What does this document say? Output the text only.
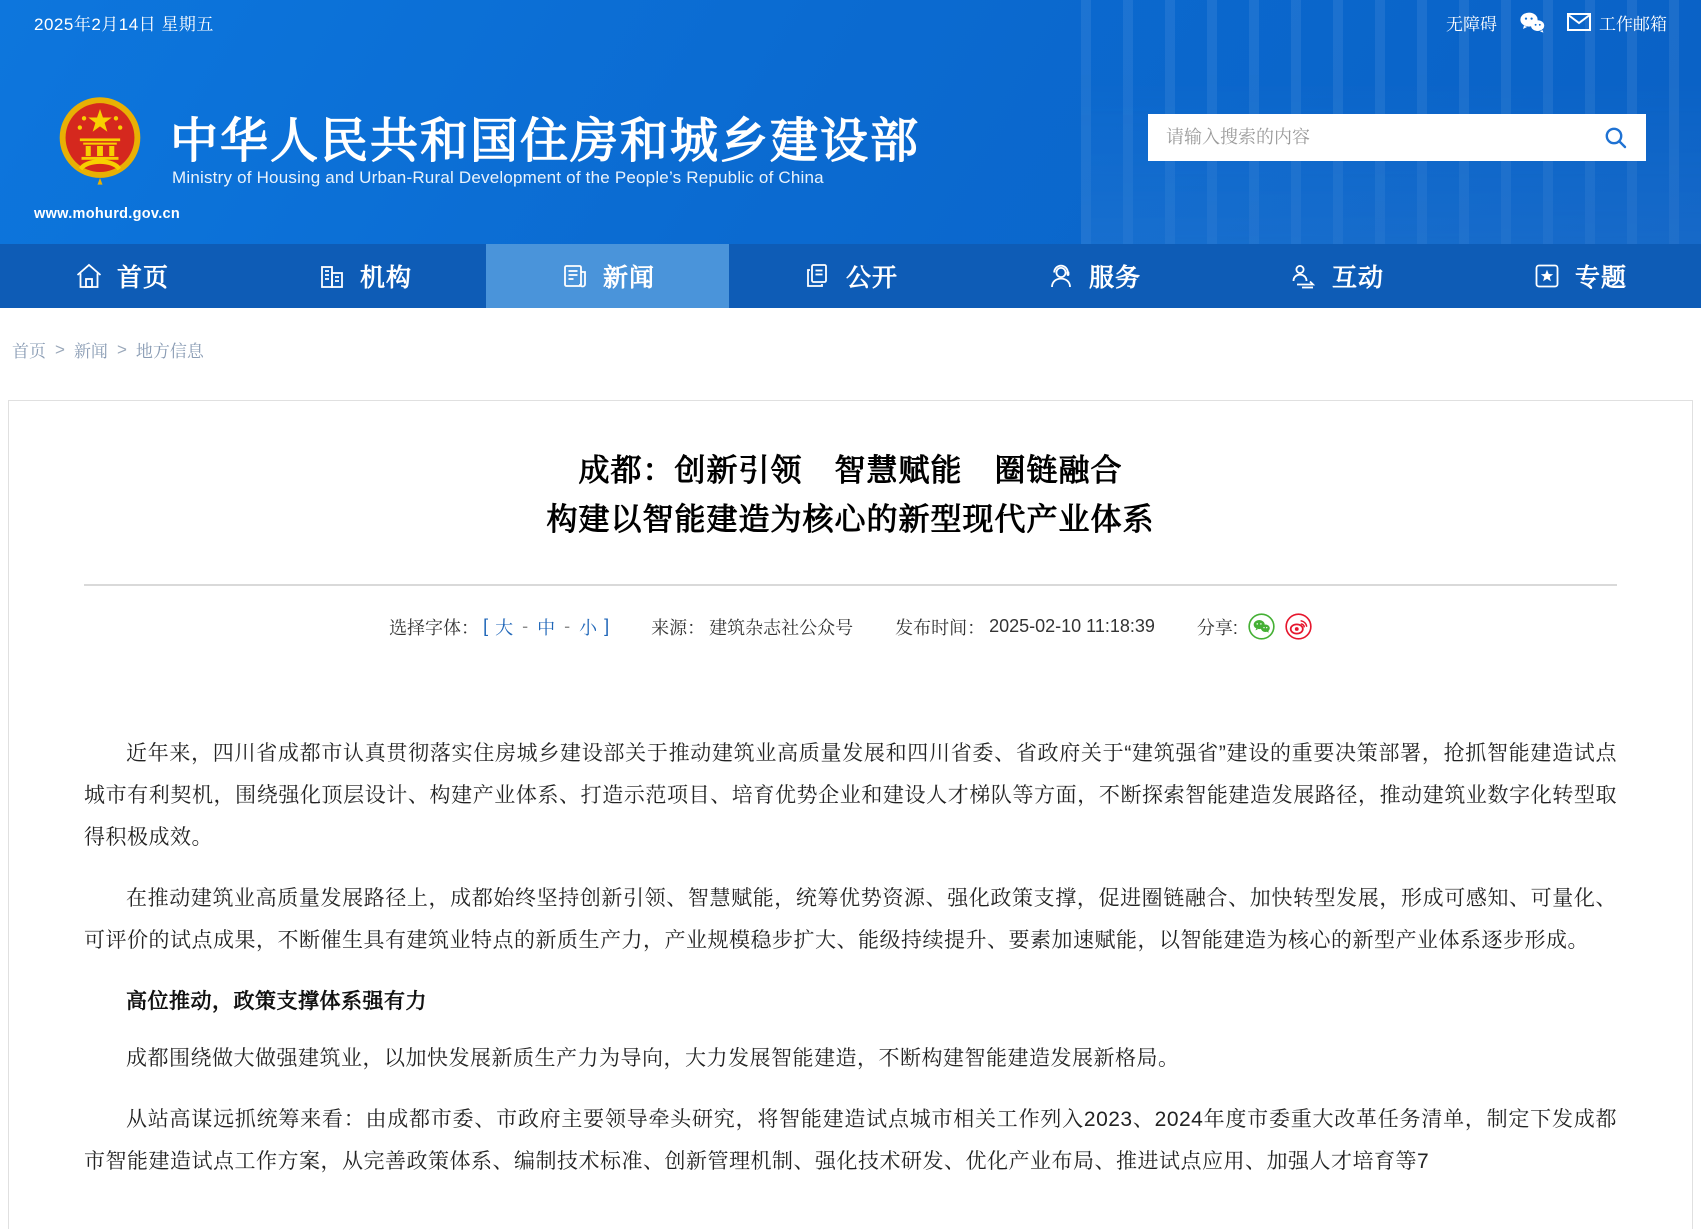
2025年2月14日 星期五	无障碍	工作邮箱
www.mohurd.gov.cn
中华人民共和国住房和城乡建设部
Ministry of Housing and Urban-Rural Development of the People’s Republic of China
请输入搜索的内容
首页	机构	新闻	公开	服务	互动	专题
首页 > 新闻 > 地方信息
成都：创新引领　智慧赋能　圈链融合
构建以智能建造为核心的新型现代产业体系
选择字体： [ 大 - 中 - 小 ] 来源： 建筑杂志社公众号 发布时间： 2025-02-10 11:18:39 分享:

近年来，四川省成都市认真贯彻落实住房城乡建设部关于推动建筑业高质量发展和四川省委、省政府关于“建筑强省”建设的重要决策部署，抢抓智能建造试点城市有利契机，围绕强化顶层设计、构建产业体系、打造示范项目、培育优势企业和建设人才梯队等方面，不断探索智能建造发展路径，推动建筑业数字化转型取得积极成效。

在推动建筑业高质量发展路径上，成都始终坚持创新引领、智慧赋能，统筹优势资源、强化政策支撑，促进圈链融合、加快转型发展，形成可感知、可量化、可评价的试点成果，不断催生具有建筑业特点的新质生产力，产业规模稳步扩大、能级持续提升、要素加速赋能，以智能建造为核心的新型产业体系逐步形成。

高位推动，政策支撑体系强有力

成都围绕做大做强建筑业，以加快发展新质生产力为导向，大力发展智能建造，不断构建智能建造发展新格局。

从站高谋远抓统筹来看：由成都市委、市政府主要领导牵头研究，将智能建造试点城市相关工作列入2023、2024年度市委重大改革任务清单，制定下发成都市智能建造试点工作方案，从完善政策体系、编制技术标准、创新管理机制、强化技术研发、优化产业布局、推进试点应用、加强人才培育等7
